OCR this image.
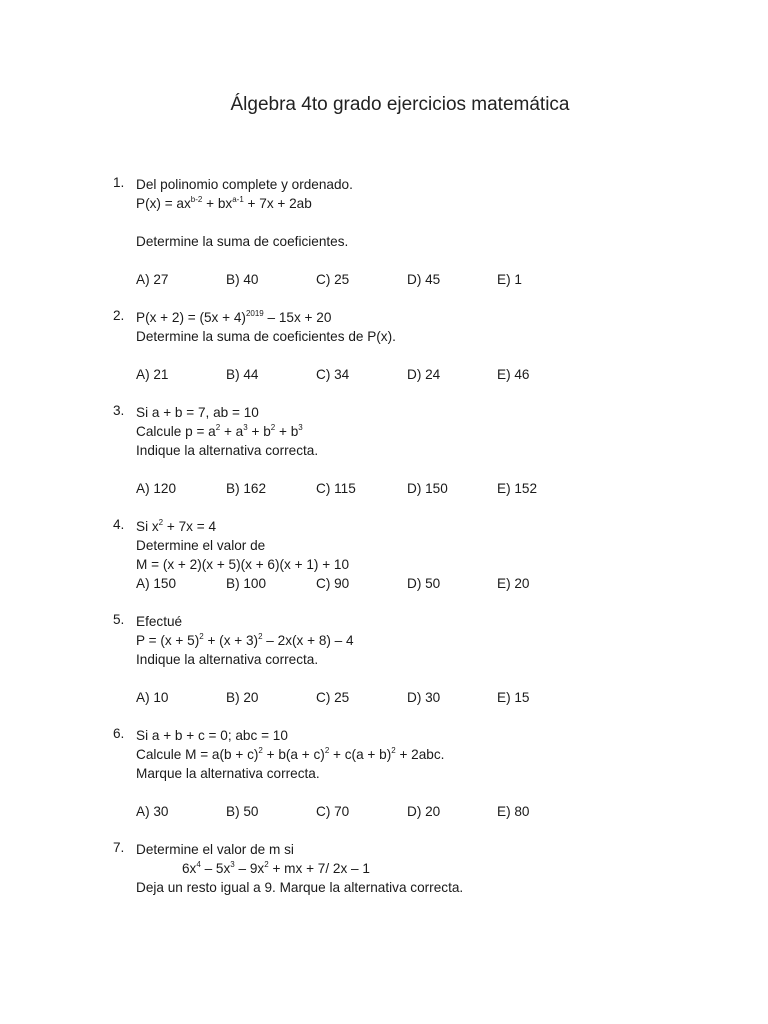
Álgebra 4to grado ejercicios matemática
1. Del polinomio complete y ordenado.
$P(x) = ax^{b-2} + bx^{a-1} + 7x + 2ab$
Determine la suma de coeficientes.
A) 27	B) 40	C) 25	D) 45	E) 1
2. $P(x + 2) = (5x + 4)^{2019} - 15x + 20$
Determine la suma de coeficientes de P(x).
A) 21	B) 44	C) 34	D) 24	E) 46
3. Si a + b = 7, ab = 10
Calcule $p = a^2 + a^3 + b^2 + b^3$
Indique la alternativa correcta.
A) 120	B) 162	C) 115	D) 150	E) 152
4. Si $x^2 + 7x = 4$
Determine el valor de
M = (x + 2)(x + 5)(x + 6)(x + 1) + 10
A) 150	B) 100	C) 90	D) 50	E) 20
5. Efectué
$P = (x + 5)^2 + (x + 3)^2 - 2x(x + 8) - 4$
Indique la alternativa correcta.
A) 10	B) 20	C) 25	D) 30	E) 15
6. Si a + b + c = 0; abc = 10
Calcule $M = a(b + c)^2 + b(a + c)^2 + c(a + b)^2 + 2abc$.
Marque la alternativa correcta.
A) 30	B) 50	C) 70	D) 20	E) 80
7. Determine el valor de m si
$6x^4 - 5x^3 - 9x^2$ + mx + 7/ 2x – 1
Deja un resto igual a 9. Marque la alternativa correcta.
